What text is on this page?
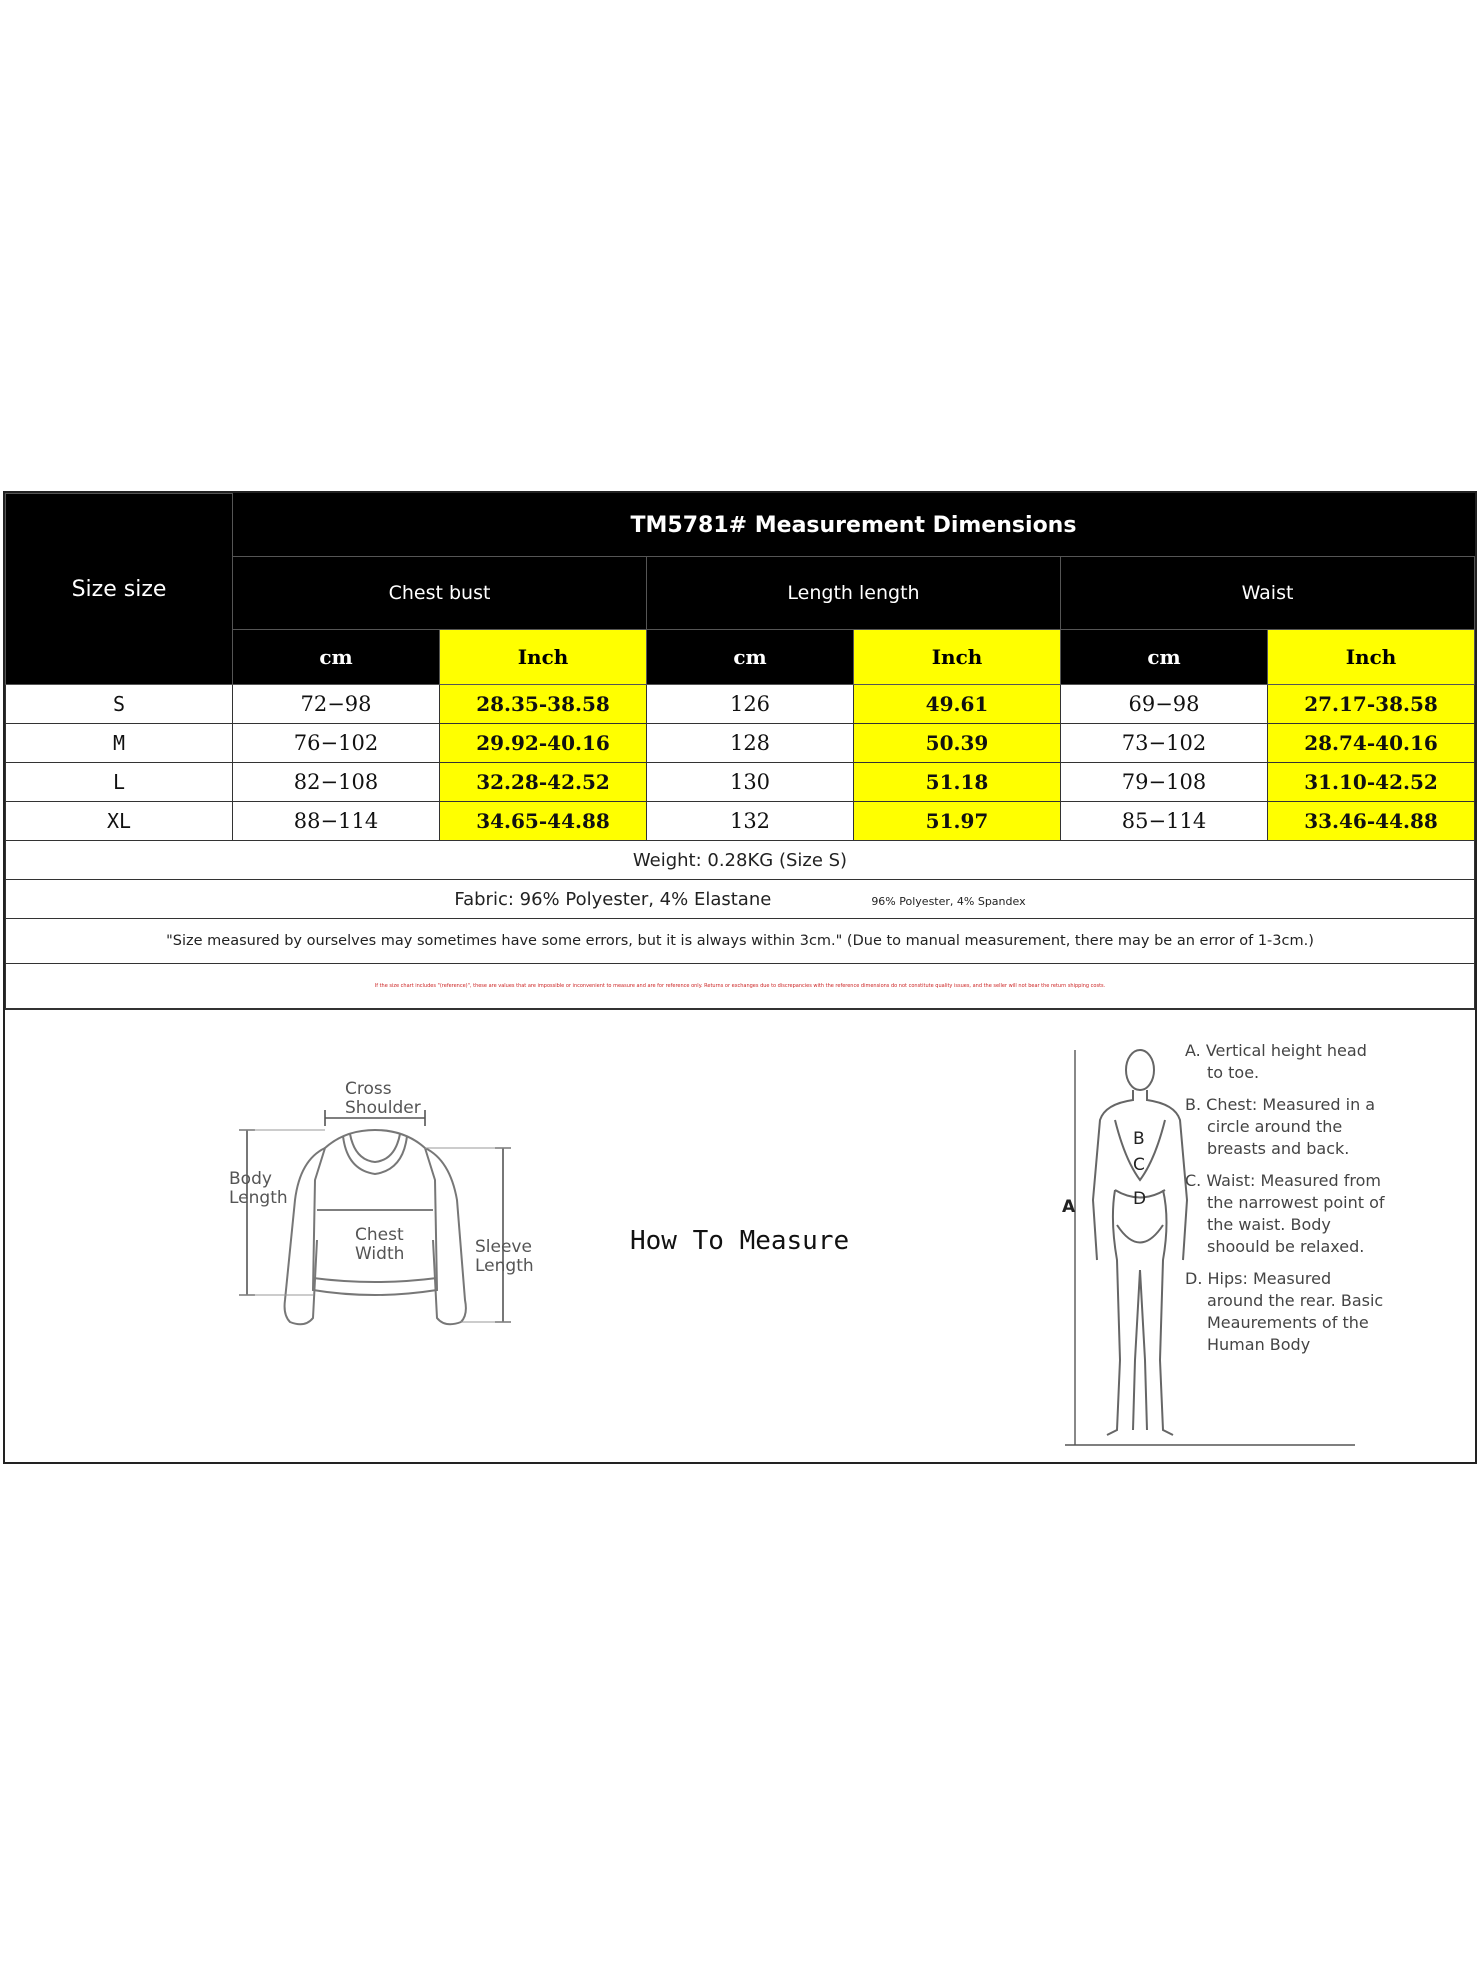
Size size	TM5781# Measurement Dimensions					
	Chest bust		Length length		Waist	
	cm	Inch	cm	Inch	cm	Inch
S	72−98	28.35-38.58	126	49.61	69−98	27.17-38.58
M	76−102	29.92-40.16	128	50.39	73−102	28.74-40.16
L	82−108	32.28-42.52	130	51.18	79−108	31.10-42.52
XL	88−114	34.65-44.88	132	51.97	85−114	33.46-44.88
Weight: 0.28KG (Size S)						
Fabric: 96% Polyester, 4% Elastane 96% Polyester, 4% Spandex						
"Size measured by ourselves may sometimes have some errors, but it is always within 3cm." (Due to manual measurement, there may be an error of 1-3cm.)						
If the size chart includes "(reference)", these are values that are impossible or inconvenient to measure and are for reference only. Returns or exchanges due to discrepancies with the reference dimensions do not constitute quality issues, and the seller will not bear the return shipping costs.						
Cross Shoulder
Body Length
Chest Width	Sleeve Length
How To Measure
A
B
C
D

A. Vertical height head to toe.

B. Chest: Measured in a circle around the breasts and back.

C. Waist: Measured from the narrowest point of the waist. Body shoould be relaxed.

D. Hips: Measured around the rear. Basic Meaurements of the Human Body
